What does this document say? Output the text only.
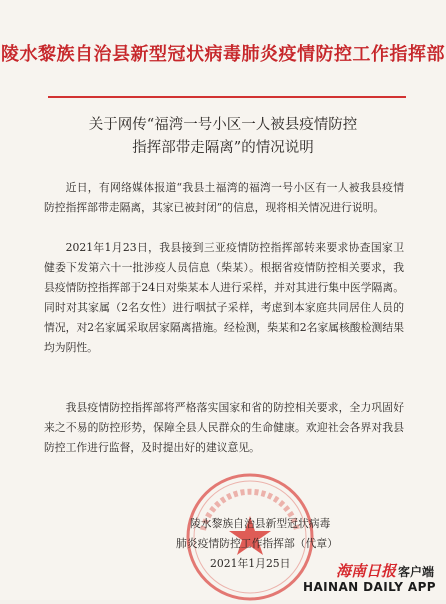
陵水黎族自治县新型冠状病毒肺炎疫情防控工作指挥部
关于网传“福湾一号小区一人被县疫情防控
指挥部带走隔离”的情况说明
近日，有网络媒体报道“我县土福湾的福湾一号小区有一人被我县疫情防控指挥部带走隔离，其家已被封闭”的信息，现将相关情况进行说明。
2021年1月23日，我县接到三亚疫情防控指挥部转来要求协查国家卫健委下发第六十一批涉疫人员信息（柴某）。根据省疫情防控相关要求，我县疫情防控指挥部于24日对柴某本人进行采样，并对其进行集中医学隔离。同时对其家属（2名女性）进行咽拭子采样，考虑到本家庭共同居住人员的情况，对2名家属采取居家隔离措施。经检测，柴某和2名家属核酸检测结果均为阴性。
我县疫情防控指挥部将严格落实国家和省的防控相关要求，全力巩固好来之不易的防控形势，保障全县人民群众的生命健康。欢迎社会各界对我县防控工作进行监督，及时提出好的建议意见。
陵水黎族自治县新型冠状病毒
肺炎疫情防控工作指挥部（代章）
2021年1月25日	海南日报 客户端
HAINAN DAILY APP
